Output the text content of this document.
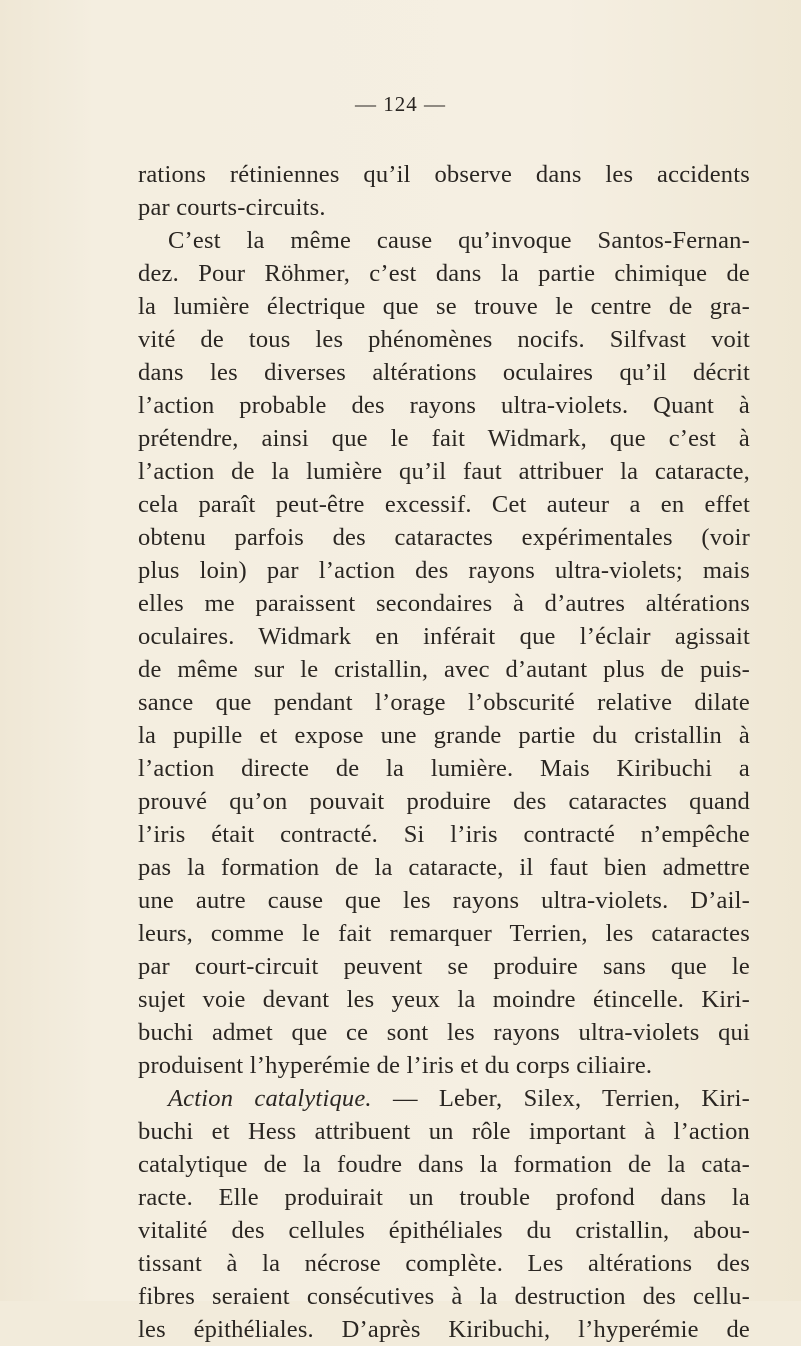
— 124 —
rations rétiniennes qu’il observe dans les accidents
par courts-circuits.
C’est la même cause qu’invoque Santos-Fernan-
dez. Pour Röhmer, c’est dans la partie chimique de
la lumière électrique que se trouve le centre de gra-
vité de tous les phénomènes nocifs. Silfvast voit
dans les diverses altérations oculaires qu’il décrit
l’action probable des rayons ultra-violets. Quant à
prétendre, ainsi que le fait Widmark, que c’est à
l’action de la lumière qu’il faut attribuer la cataracte,
cela paraît peut-être excessif. Cet auteur a en effet
obtenu parfois des cataractes expérimentales (voir
plus loin) par l’action des rayons ultra-violets; mais
elles me paraissent secondaires à d’autres altérations
oculaires. Widmark en inférait que l’éclair agissait
de même sur le cristallin, avec d’autant plus de puis-
sance que pendant l’orage l’obscurité relative dilate
la pupille et expose une grande partie du cristallin à
l’action directe de la lumière. Mais Kiribuchi a
prouvé qu’on pouvait produire des cataractes quand
l’iris était contracté. Si l’iris contracté n’empêche
pas la formation de la cataracte, il faut bien admettre
une autre cause que les rayons ultra-violets. D’ail-
leurs, comme le fait remarquer Terrien, les cataractes
par court-circuit peuvent se produire sans que le
sujet voie devant les yeux la moindre étincelle. Kiri-
buchi admet que ce sont les rayons ultra-violets qui
produisent l’hyperémie de l’iris et du corps ciliaire.
Action catalytique. — Leber, Silex, Terrien, Kiri-
buchi et Hess attribuent un rôle important à l’action
catalytique de la foudre dans la formation de la cata-
racte. Elle produirait un trouble profond dans la
vitalité des cellules épithéliales du cristallin, abou-
tissant à la nécrose complète. Les altérations des
fibres seraient consécutives à la destruction des cellu-
les épithéliales. D’après Kiribuchi, l’hyperémie de
